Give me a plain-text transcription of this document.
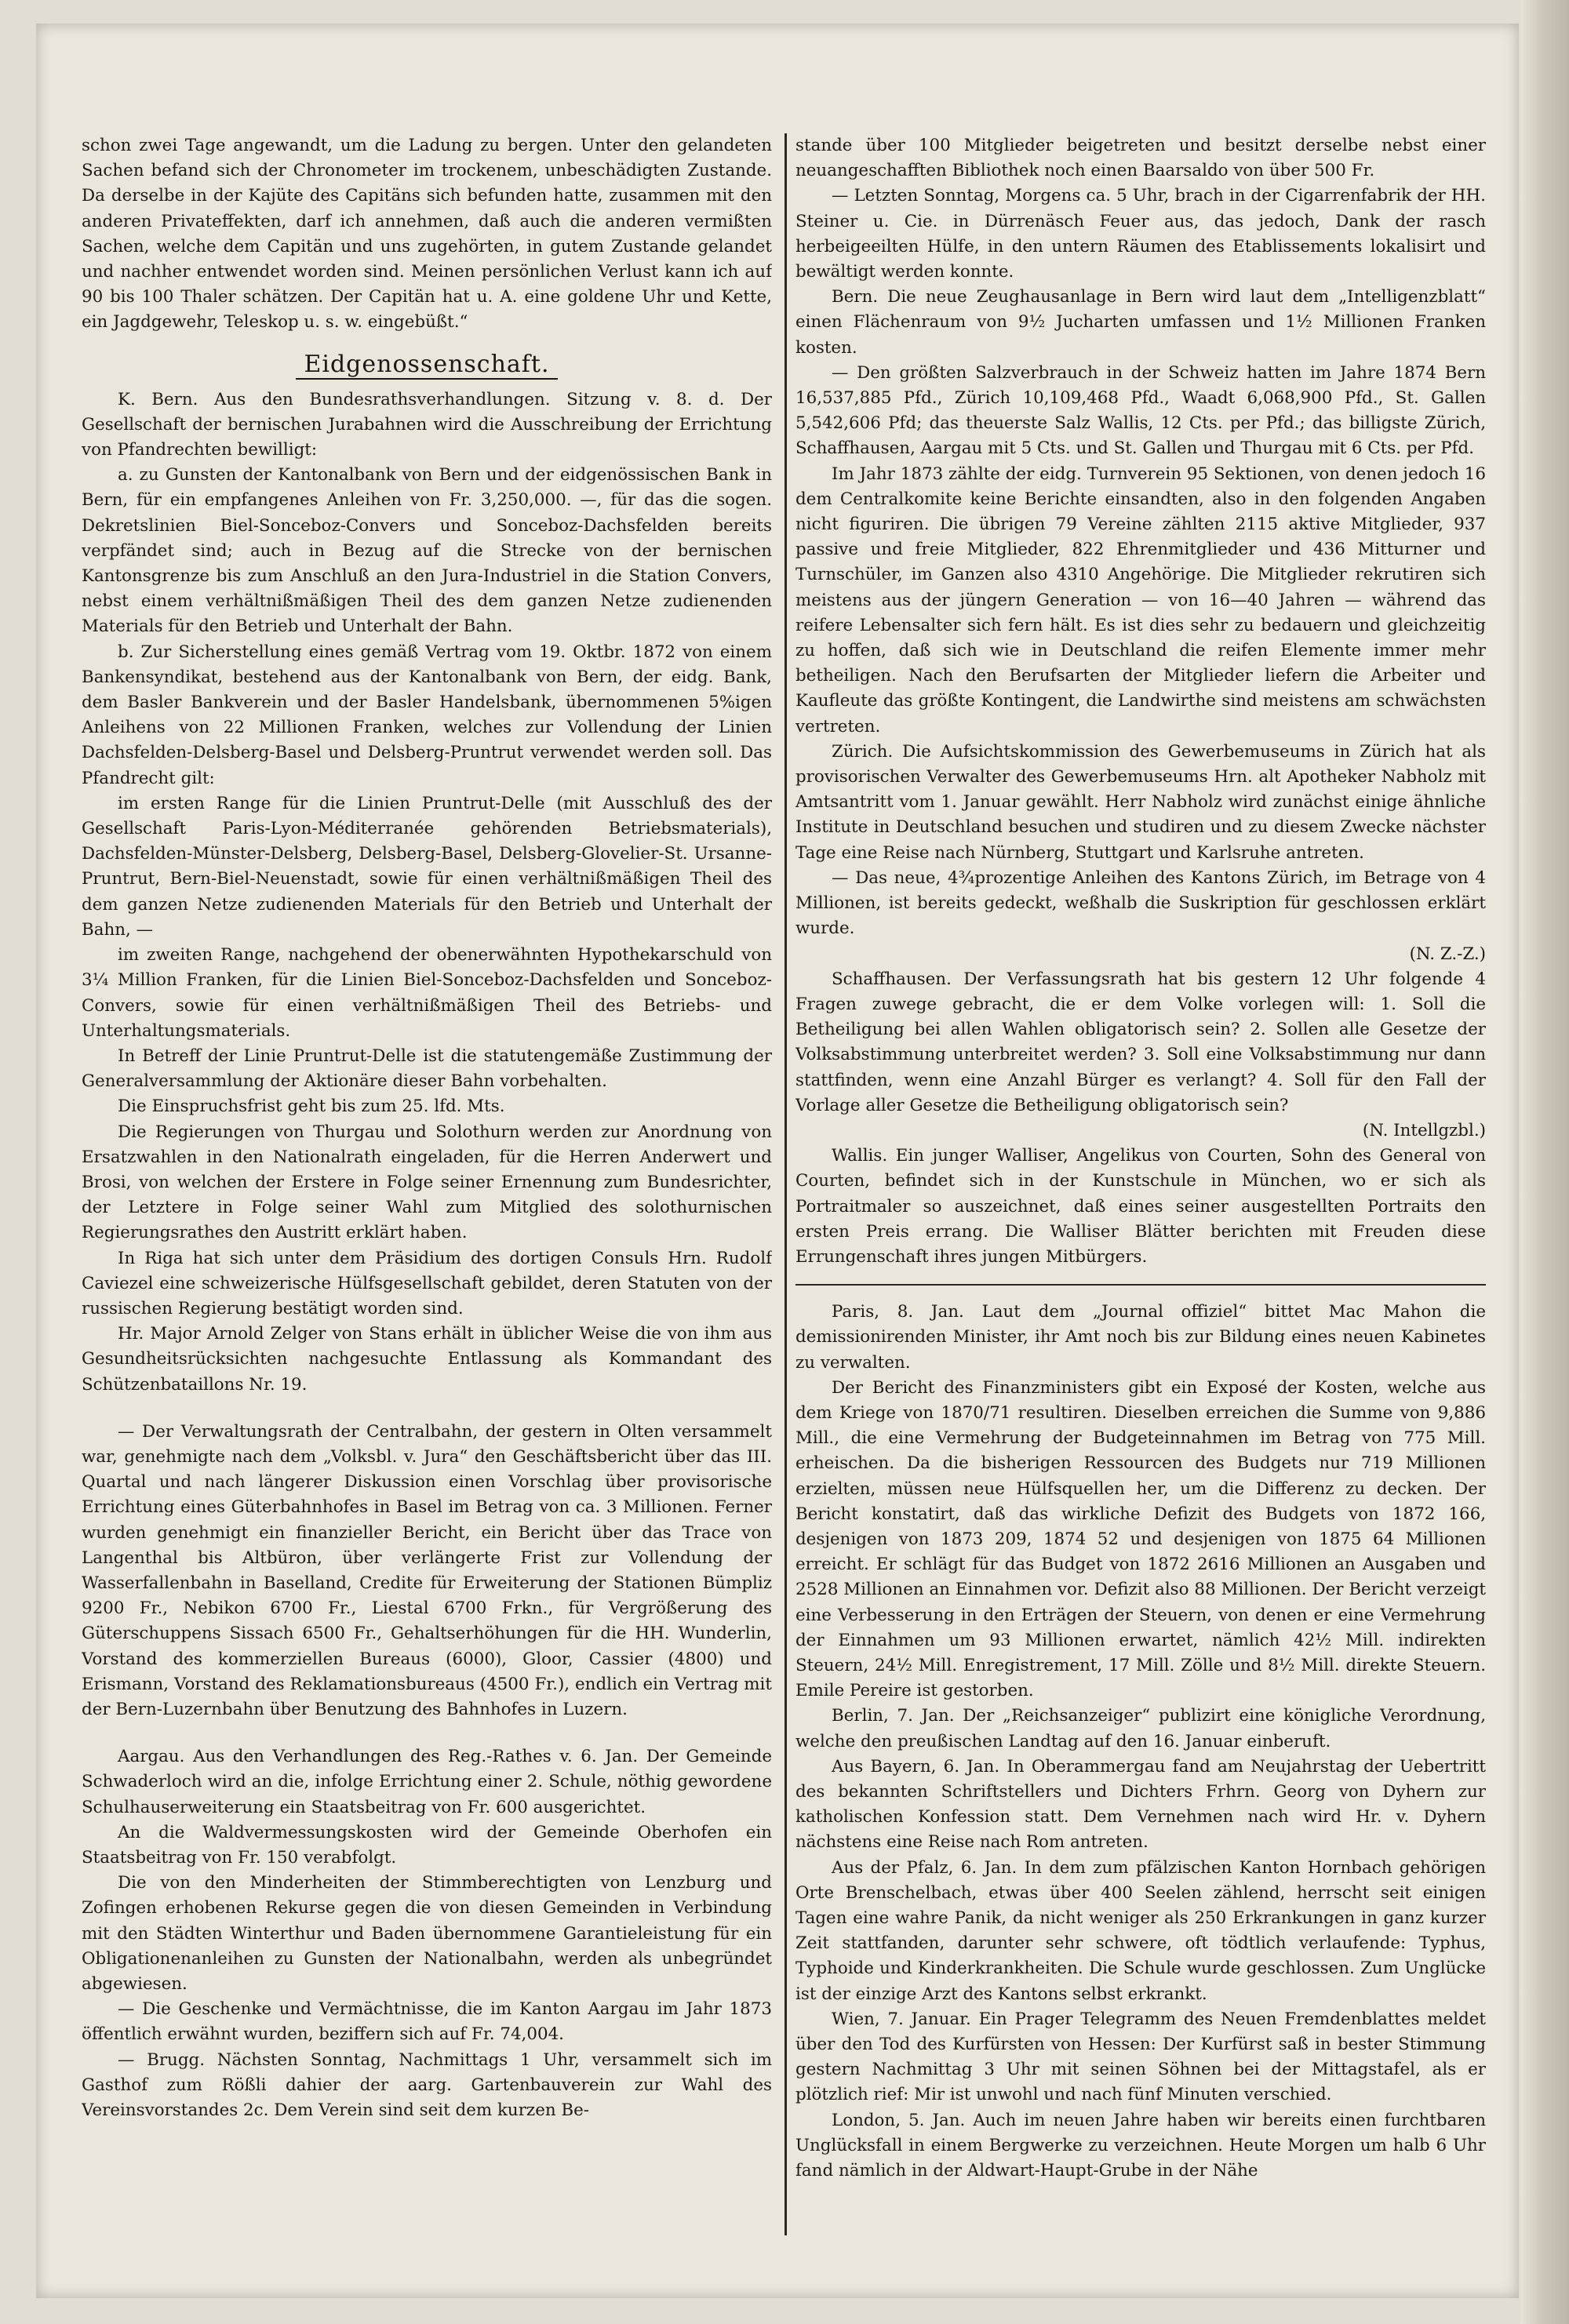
schon zwei Tage angewandt, um die Ladung zu bergen. Unter den gelandeten Sachen befand sich der Chronometer im trockenem, unbeschädigten Zustande. Da derselbe in der Kajüte des Capitäns sich befunden hatte, zusammen mit den anderen Privateffekten, darf ich annehmen, daß auch die anderen vermißten Sachen, welche dem Capitän und uns zugehörten, in gutem Zustande gelandet und nachher entwendet worden sind. Meinen persönlichen Verlust kann ich auf 90 bis 100 Thaler schätzen. Der Capitän hat u. A. eine goldene Uhr und Kette, ein Jagdgewehr, Teleskop u. s. w. eingebüßt.“

Eidgenossenschaft.

K. Bern. Aus den Bundesrathsverhandlungen. Sitzung v. 8. d. Der Gesellschaft der bernischen Jurabahnen wird die Ausschreibung der Errichtung von Pfandrechten bewilligt:

a. zu Gunsten der Kantonalbank von Bern und der eidgenössischen Bank in Bern, für ein empfangenes Anleihen von Fr. 3,250,000. —, für das die sogen. Dekretslinien Biel-Sonceboz-Convers und Sonceboz-Dachsfelden bereits verpfändet sind; auch in Bezug auf die Strecke von der bernischen Kantonsgrenze bis zum Anschluß an den Jura-Industriel in die Station Convers, nebst einem verhältnißmäßigen Theil des dem ganzen Netze zudienenden Materials für den Betrieb und Unterhalt der Bahn.

b. Zur Sicherstellung eines gemäß Vertrag vom 19. Oktbr. 1872 von einem Bankensyndikat, bestehend aus der Kantonalbank von Bern, der eidg. Bank, dem Basler Bankverein und der Basler Handelsbank, übernommenen 5%igen Anleihens von 22 Millionen Franken, welches zur Vollendung der Linien Dachsfelden-Delsberg-Basel und Delsberg-Pruntrut verwendet werden soll. Das Pfandrecht gilt:

im ersten Range für die Linien Pruntrut-Delle (mit Ausschluß des der Gesellschaft Paris-Lyon-Méditerranée gehörenden Betriebsmaterials), Dachsfelden-Münster-Delsberg, Delsberg-Basel, Delsberg-Glovelier-St. Ursanne-Pruntrut, Bern-Biel-Neuenstadt, sowie für einen verhältnißmäßigen Theil des dem ganzen Netze zudienenden Materials für den Betrieb und Unterhalt der Bahn, —

im zweiten Range, nachgehend der obenerwähnten Hypothekarschuld von 3¼ Million Franken, für die Linien Biel-Sonceboz-Dachsfelden und Sonceboz-Convers, sowie für einen verhältnißmäßigen Theil des Betriebs- und Unterhaltungsmaterials.

In Betreff der Linie Pruntrut-Delle ist die statutengemäße Zustimmung der Generalversammlung der Aktionäre dieser Bahn vorbehalten.

Die Einspruchsfrist geht bis zum 25. lfd. Mts.

Die Regierungen von Thurgau und Solothurn werden zur Anordnung von Ersatzwahlen in den Nationalrath eingeladen, für die Herren Anderwert und Brosi, von welchen der Erstere in Folge seiner Ernennung zum Bundesrichter, der Letztere in Folge seiner Wahl zum Mitglied des solothurnischen Regierungsrathes den Austritt erklärt haben.

In Riga hat sich unter dem Präsidium des dortigen Consuls Hrn. Rudolf Caviezel eine schweizerische Hülfsgesellschaft gebildet, deren Statuten von der russischen Regierung bestätigt worden sind.

Hr. Major Arnold Zelger von Stans erhält in üblicher Weise die von ihm aus Gesundheitsrücksichten nachgesuchte Entlassung als Kommandant des Schützenbataillons Nr. 19.

— Der Verwaltungsrath der Centralbahn, der gestern in Olten versammelt war, genehmigte nach dem „Volksbl. v. Jura“ den Geschäftsbericht über das III. Quartal und nach längerer Diskussion einen Vorschlag über provisorische Errichtung eines Güterbahnhofes in Basel im Betrag von ca. 3 Millionen. Ferner wurden genehmigt ein finanzieller Bericht, ein Bericht über das Trace von Langenthal bis Altbüron, über verlängerte Frist zur Vollendung der Wasserfallenbahn in Baselland, Credite für Erweiterung der Stationen Bümpliz 9200 Fr., Nebikon 6700 Fr., Liestal 6700 Frkn., für Vergrößerung des Güterschuppens Sissach 6500 Fr., Gehaltserhöhungen für die HH. Wunderlin, Vorstand des kommerziellen Bureaus (6000), Gloor, Cassier (4800) und Erismann, Vorstand des Reklamationsbureaus (4500 Fr.), endlich ein Vertrag mit der Bern-Luzernbahn über Benutzung des Bahnhofes in Luzern.

Aargau. Aus den Verhandlungen des Reg.-Rathes v. 6. Jan. Der Gemeinde Schwaderloch wird an die, infolge Errichtung einer 2. Schule, nöthig gewordene Schulhauserweiterung ein Staatsbeitrag von Fr. 600 ausgerichtet.

An die Waldvermessungskosten wird der Gemeinde Oberhofen ein Staatsbeitrag von Fr. 150 verabfolgt.

Die von den Minderheiten der Stimmberechtigten von Lenzburg und Zofingen erhobenen Rekurse gegen die von diesen Gemeinden in Verbindung mit den Städten Winterthur und Baden übernommene Garantieleistung für ein Obligationenanleihen zu Gunsten der Nationalbahn, werden als unbegründet abgewiesen.

— Die Geschenke und Vermächtnisse, die im Kanton Aargau im Jahr 1873 öffentlich erwähnt wurden, beziffern sich auf Fr. 74,004.

— Brugg. Nächsten Sonntag, Nachmittags 1 Uhr, versammelt sich im Gasthof zum Rößli dahier der aarg. Gartenbauverein zur Wahl des Vereinsvorstandes 2c. Dem Verein sind seit dem kurzen Be-

stande über 100 Mitglieder beigetreten und besitzt derselbe nebst einer neuangeschafften Bibliothek noch einen Baarsaldo von über 500 Fr.

— Letzten Sonntag, Morgens ca. 5 Uhr, brach in der Cigarrenfabrik der HH. Steiner u. Cie. in Dürrenäsch Feuer aus, das jedoch, Dank der rasch herbeigeeilten Hülfe, in den untern Räumen des Etablissements lokalisirt und bewältigt werden konnte.

Bern. Die neue Zeughausanlage in Bern wird laut dem „Intelligenzblatt“ einen Flächenraum von 9½ Jucharten umfassen und 1½ Millionen Franken kosten.

— Den größten Salzverbrauch in der Schweiz hatten im Jahre 1874 Bern 16,537,885 Pfd., Zürich 10,109,468 Pfd., Waadt 6,068,900 Pfd., St. Gallen 5,542,606 Pfd; das theuerste Salz Wallis, 12 Cts. per Pfd.; das billigste Zürich, Schaffhausen, Aargau mit 5 Cts. und St. Gallen und Thurgau mit 6 Cts. per Pfd.

Im Jahr 1873 zählte der eidg. Turnverein 95 Sektionen, von denen jedoch 16 dem Centralkomite keine Berichte einsandten, also in den folgenden Angaben nicht figuriren. Die übrigen 79 Vereine zählten 2115 aktive Mitglieder, 937 passive und freie Mitglieder, 822 Ehrenmitglieder und 436 Mitturner und Turnschüler, im Ganzen also 4310 Angehörige. Die Mitglieder rekrutiren sich meistens aus der jüngern Generation — von 16—40 Jahren — während das reifere Lebensalter sich fern hält. Es ist dies sehr zu bedauern und gleichzeitig zu hoffen, daß sich wie in Deutschland die reifen Elemente immer mehr betheiligen. Nach den Berufsarten der Mitglieder liefern die Arbeiter und Kaufleute das größte Kontingent, die Landwirthe sind meistens am schwächsten vertreten.

Zürich. Die Aufsichtskommission des Gewerbemuseums in Zürich hat als provisorischen Verwalter des Gewerbemuseums Hrn. alt Apotheker Nabholz mit Amtsantritt vom 1. Januar gewählt. Herr Nabholz wird zunächst einige ähnliche Institute in Deutschland besuchen und studiren und zu diesem Zwecke nächster Tage eine Reise nach Nürnberg, Stuttgart und Karlsruhe antreten.

— Das neue, 4¾prozentige Anleihen des Kantons Zürich, im Betrage von 4 Millionen, ist bereits gedeckt, weßhalb die Suskription für geschlossen erklärt wurde.

(N. Z.-Z.)

Schaffhausen. Der Verfassungsrath hat bis gestern 12 Uhr folgende 4 Fragen zuwege gebracht, die er dem Volke vorlegen will: 1. Soll die Betheiligung bei allen Wahlen obligatorisch sein? 2. Sollen alle Gesetze der Volksabstimmung unterbreitet werden? 3. Soll eine Volksabstimmung nur dann stattfinden, wenn eine Anzahl Bürger es verlangt? 4. Soll für den Fall der Vorlage aller Gesetze die Betheiligung obligatorisch sein?

(N. Intellgzbl.)

Wallis. Ein junger Walliser, Angelikus von Courten, Sohn des General von Courten, befindet sich in der Kunstschule in München, wo er sich als Portraitmaler so auszeichnet, daß eines seiner ausgestellten Portraits den ersten Preis errang. Die Walliser Blätter berichten mit Freuden diese Errungenschaft ihres jungen Mitbürgers.

Paris, 8. Jan. Laut dem „Journal offiziel“ bittet Mac Mahon die demissionirenden Minister, ihr Amt noch bis zur Bildung eines neuen Kabinetes zu verwalten.

Der Bericht des Finanzministers gibt ein Exposé der Kosten, welche aus dem Kriege von 1870/71 resultiren. Dieselben erreichen die Summe von 9,886 Mill., die eine Vermehrung der Budgeteinnahmen im Betrag von 775 Mill. erheischen. Da die bisherigen Ressourcen des Budgets nur 719 Millionen erzielten, müssen neue Hülfsquellen her, um die Differenz zu decken. Der Bericht konstatirt, daß das wirkliche Defizit des Budgets von 1872 166, desjenigen von 1873 209, 1874 52 und desjenigen von 1875 64 Millionen erreicht. Er schlägt für das Budget von 1872 2616 Millionen an Ausgaben und 2528 Millionen an Einnahmen vor. Defizit also 88 Millionen. Der Bericht verzeigt eine Verbesserung in den Erträgen der Steuern, von denen er eine Vermehrung der Einnahmen um 93 Millionen erwartet, nämlich 42½ Mill. indirekten Steuern, 24½ Mill. Enregistrement, 17 Mill. Zölle und 8½ Mill. direkte Steuern. Emile Pereire ist gestorben.

Berlin, 7. Jan. Der „Reichsanzeiger“ publizirt eine königliche Verordnung, welche den preußischen Landtag auf den 16. Januar einberuft.

Aus Bayern, 6. Jan. In Oberammergau fand am Neujahrstag der Uebertritt des bekannten Schriftstellers und Dichters Frhrn. Georg von Dyhern zur katholischen Konfession statt. Dem Vernehmen nach wird Hr. v. Dyhern nächstens eine Reise nach Rom antreten.

Aus der Pfalz, 6. Jan. In dem zum pfälzischen Kanton Hornbach gehörigen Orte Brenschelbach, etwas über 400 Seelen zählend, herrscht seit einigen Tagen eine wahre Panik, da nicht weniger als 250 Erkrankungen in ganz kurzer Zeit stattfanden, darunter sehr schwere, oft tödtlich verlaufende: Typhus, Typhoide und Kinderkrankheiten. Die Schule wurde geschlossen. Zum Unglücke ist der einzige Arzt des Kantons selbst erkrankt.

Wien, 7. Januar. Ein Prager Telegramm des Neuen Fremdenblattes meldet über den Tod des Kurfürsten von Hessen: Der Kurfürst saß in bester Stimmung gestern Nachmittag 3 Uhr mit seinen Söhnen bei der Mittagstafel, als er plötzlich rief: Mir ist unwohl und nach fünf Minuten verschied.

London, 5. Jan. Auch im neuen Jahre haben wir bereits einen furchtbaren Unglücksfall in einem Bergwerke zu verzeichnen. Heute Morgen um halb 6 Uhr fand nämlich in der Aldwart-Haupt-Grube in der Nähe
